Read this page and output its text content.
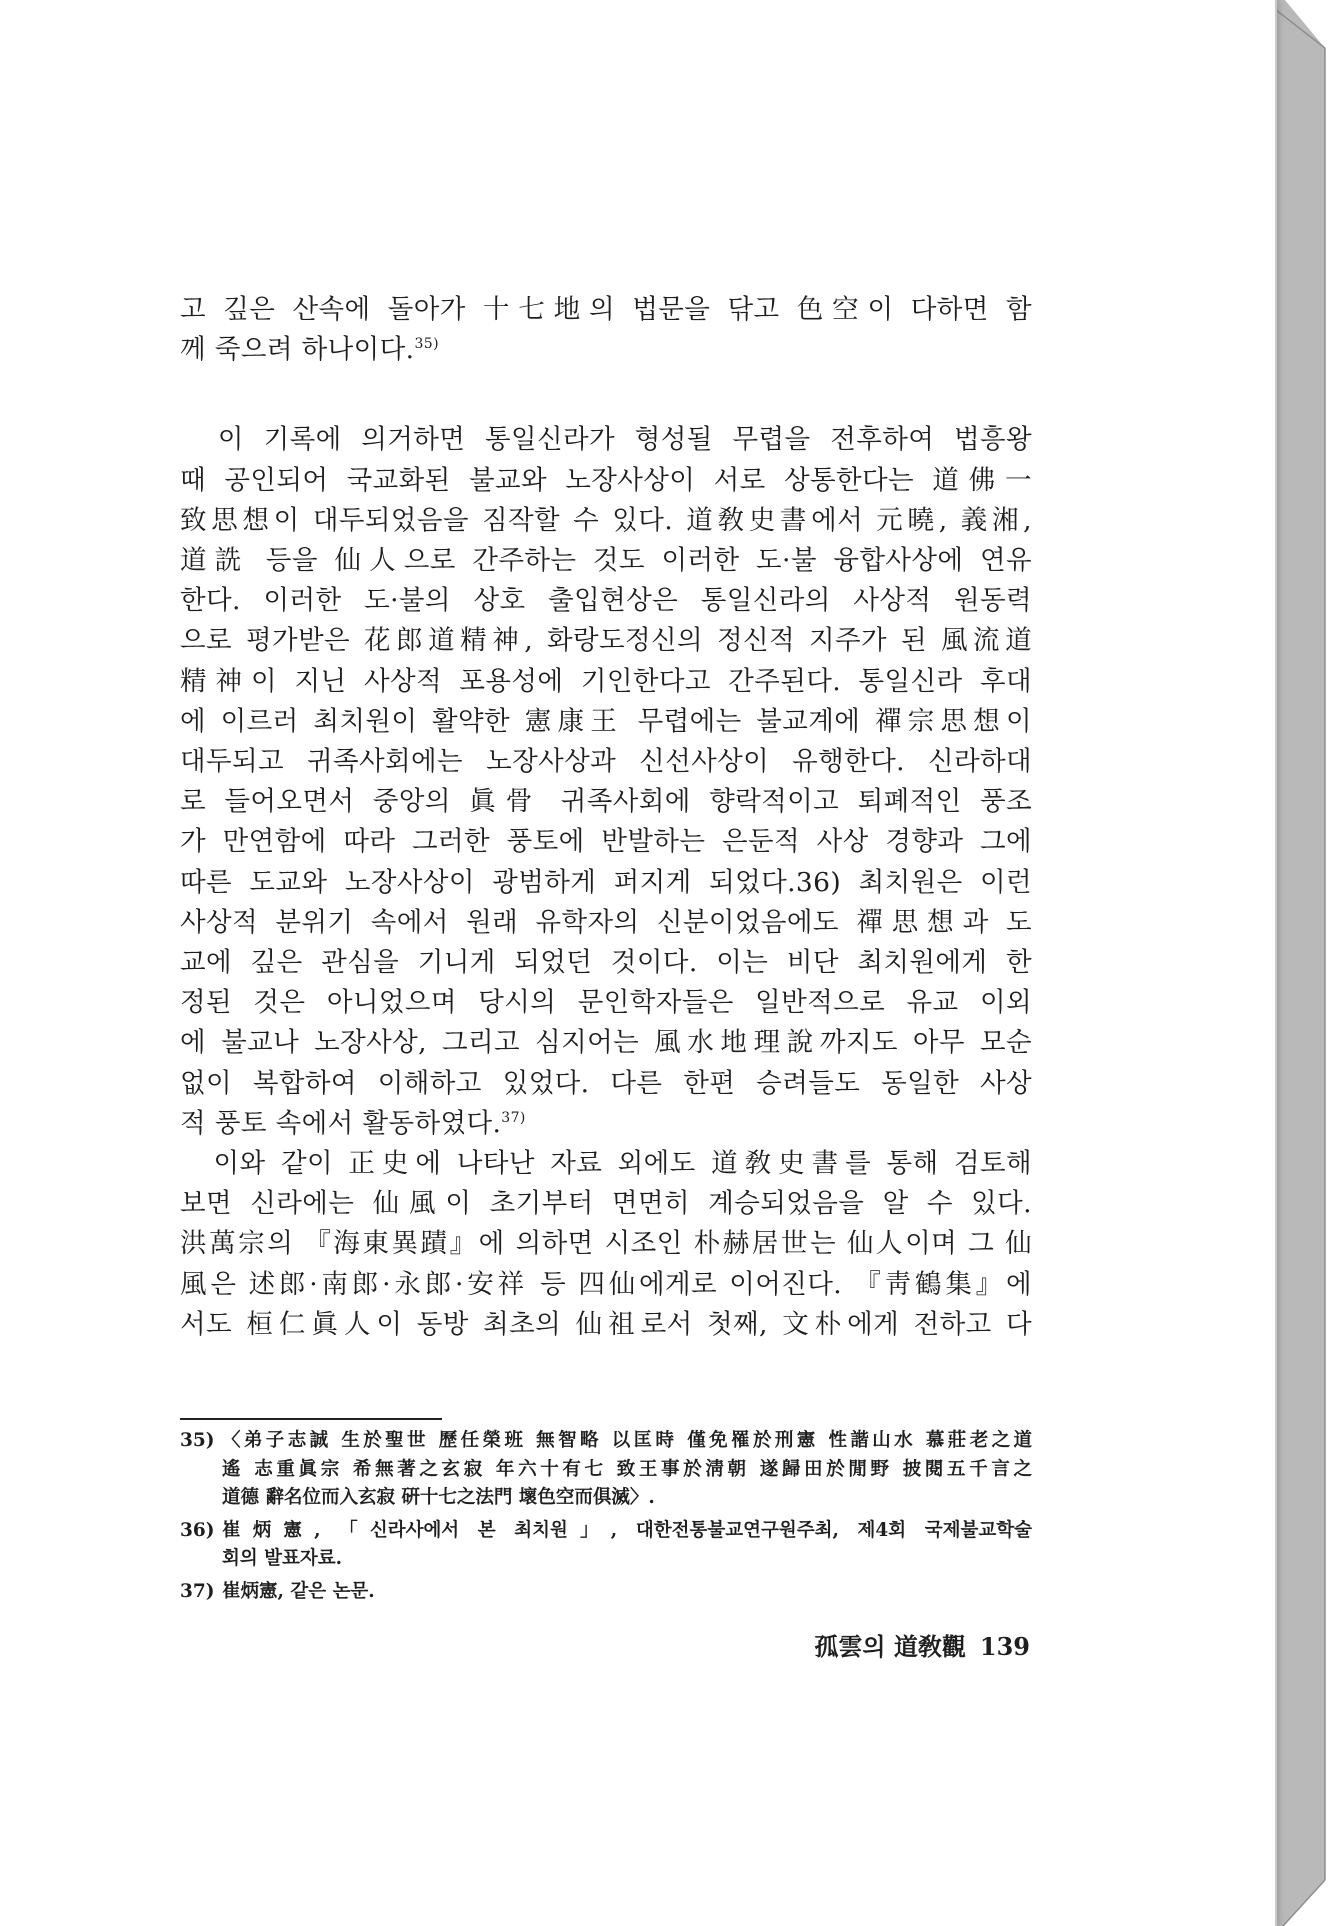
고 깊은 산속에 돌아가 十七地의 법문을 닦고 色空이 다하면 함
께 죽으려 하나이다.$^{35)}$

　이 기록에 의거하면 통일신라가 형성될 무렵을 전후하여 법흥왕
때 공인되어 국교화된 불교와 노장사상이 서로 상통한다는 道佛一
致思想이 대두되었음을 짐작할 수 있다. 道敎史書에서 元曉, 義湘,
道詵 등을 仙人으로 간주하는 것도 이러한 도·불 융합사상에 연유
한다. 이러한 도·불의 상호 출입현상은 통일신라의 사상적 원동력
으로 평가받은 花郎道精神, 화랑도정신의 정신적 지주가 된 風流道
精神이 지닌 사상적 포용성에 기인한다고 간주된다. 통일신라 후대
에 이르러 최치원이 활약한 憲康王 무렵에는 불교계에 禪宗思想이
대두되고 귀족사회에는 노장사상과 신선사상이 유행한다. 신라하대
로 들어오면서 중앙의 眞骨 귀족사회에 향락적이고 퇴폐적인 풍조
가 만연함에 따라 그러한 풍토에 반발하는 은둔적 사상 경향과 그에
따른 도교와 노장사상이 광범하게 퍼지게 되었다.36) 최치원은 이런
사상적 분위기 속에서 원래 유학자의 신분이었음에도 禪思想과 도
교에 깊은 관심을 기니게 되었던 것이다. 이는 비단 최치원에게 한
정된 것은 아니었으며 당시의 문인학자들은 일반적으로 유교 이외
에 불교나 노장사상, 그리고 심지어는 風水地理說까지도 아무 모순
없이 복합하여 이해하고 있었다. 다른 한편 승려들도 동일한 사상
적 풍토 속에서 활동하였다.$^{37)}$

　이와 같이 正史에 나타난 자료 외에도 道敎史書를 통해 검토해
보면 신라에는 仙風이 초기부터 면면히 계승되었음을 알 수 있다.
洪萬宗의 『海東異蹟』에 의하면 시조인 朴赫居世는 仙人이며 그 仙
風은 述郎·南郎·永郎·安祥 등 四仙에게로 이어진다. 『靑鶴集』에
서도 桓仁眞人이 동방 최초의 仙祖로서 첫째, 文朴에게 전하고 다

35) 〈弟子志誠 生於聖世 歷任榮班 無智略 以匡時 僅免罹於刑憲 性諧山水 慕莊老之道
遙 志重眞宗 希無著之玄寂 年六十有七 致王事於淸朝 遂歸田於閒野 披閱五千言之
道德 辭名位而入玄寂 硏十七之法門 壞色空而俱滅〉.
36) 崔炳憲, 「신라사에서 본 최치원」, 대한전통불교연구원주최, 제4회 국제불교학술
회의 발표자료.
37) 崔炳憲, 같은 논문.
孤雲의 道敎觀 139
